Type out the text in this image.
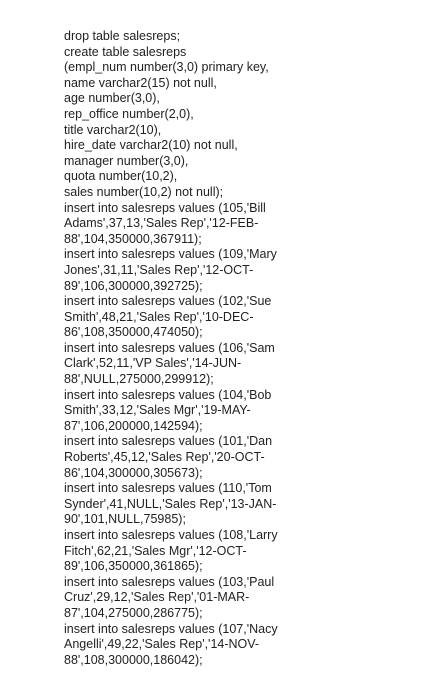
drop table salesreps;
create table salesreps
(empl_num number(3,0) primary key,
name varchar2(15) not null,
age number(3,0),
rep_office number(2,0),
title varchar2(10),
hire_date varchar2(10) not null,
manager number(3,0),
quota number(10,2),
sales number(10,2) not null);
insert into salesreps values (105,'Bill
Adams',37,13,'Sales Rep','12-FEB-
88',104,350000,367911);
insert into salesreps values (109,'Mary
Jones',31,11,'Sales Rep','12-OCT-
89',106,300000,392725);
insert into salesreps values (102,'Sue
Smith',48,21,'Sales Rep','10-DEC-
86',108,350000,474050);
insert into salesreps values (106,'Sam
Clark',52,11,'VP Sales','14-JUN-
88',NULL,275000,299912);
insert into salesreps values (104,'Bob
Smith',33,12,'Sales Mgr','19-MAY-
87',106,200000,142594);
insert into salesreps values (101,'Dan
Roberts',45,12,'Sales Rep','20-OCT-
86',104,300000,305673);
insert into salesreps values (110,'Tom
Synder',41,NULL,'Sales Rep','13-JAN-
90',101,NULL,75985);
insert into salesreps values (108,'Larry
Fitch',62,21,'Sales Mgr','12-OCT-
89',106,350000,361865);
insert into salesreps values (103,'Paul
Cruz',29,12,'Sales Rep','01-MAR-
87',104,275000,286775);
insert into salesreps values (107,'Nacy
Angelli',49,22,'Sales Rep','14-NOV-
88',108,300000,186042);
